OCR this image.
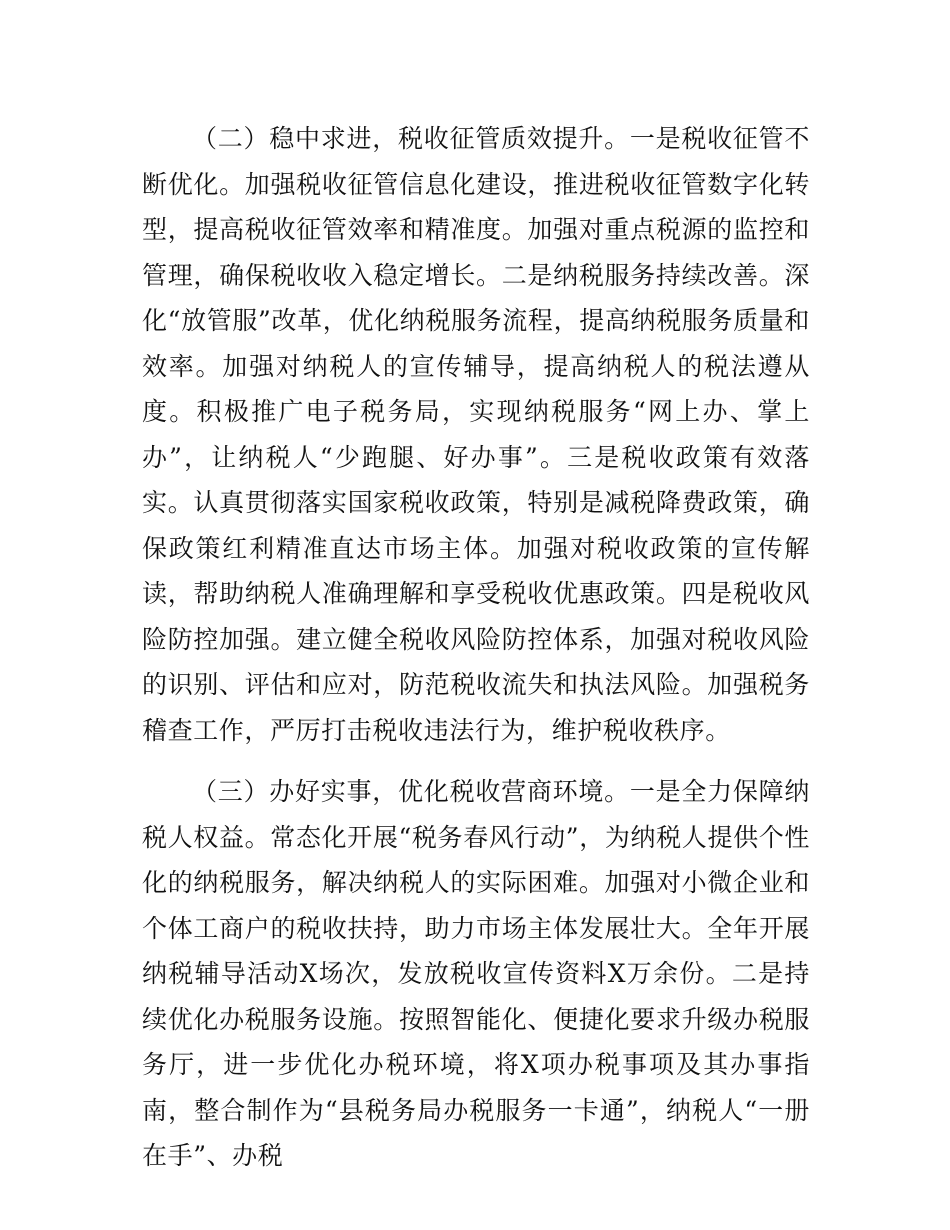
（二）稳中求进，税收征管质效提升。一是税收征管不断优化。加强税收征管信息化建设，推进税收征管数字化转型，提高税收征管效率和精准度。加强对重点税源的监控和管理，确保税收收入稳定增长。二是纳税服务持续改善。深化“放管服”改革，优化纳税服务流程，提高纳税服务质量和效率。加强对纳税人的宣传辅导，提高纳税人的税法遵从度。积极推广电子税务局，实现纳税服务“网上办、掌上办”，让纳税人“少跑腿、好办事”。三是税收政策有效落实。认真贯彻落实国家税收政策，特别是减税降费政策，确保政策红利精准直达市场主体。加强对税收政策的宣传解读，帮助纳税人准确理解和享受税收优惠政策。四是税收风险防控加强。建立健全税收风险防控体系，加强对税收风险的识别、评估和应对，防范税收流失和执法风险。加强税务稽查工作，严厉打击税收违法行为，维护税收秩序。

（三）办好实事，优化税收营商环境。一是全力保障纳税人权益。常态化开展“税务春风行动”，为纳税人提供个性化的纳税服务，解决纳税人的实际困难。加强对小微企业和个体工商户的税收扶持，助力市场主体发展壮大。全年开展纳税辅导活动X场次，发放税收宣传资料X万余份。二是持续优化办税服务设施。按照智能化、便捷化要求升级办税服务厅，进一步优化办税环境，将X项办税事项及其办事指南，整合制作为“县税务局办税服务一卡通”，纳税人“一册在手”、办税
